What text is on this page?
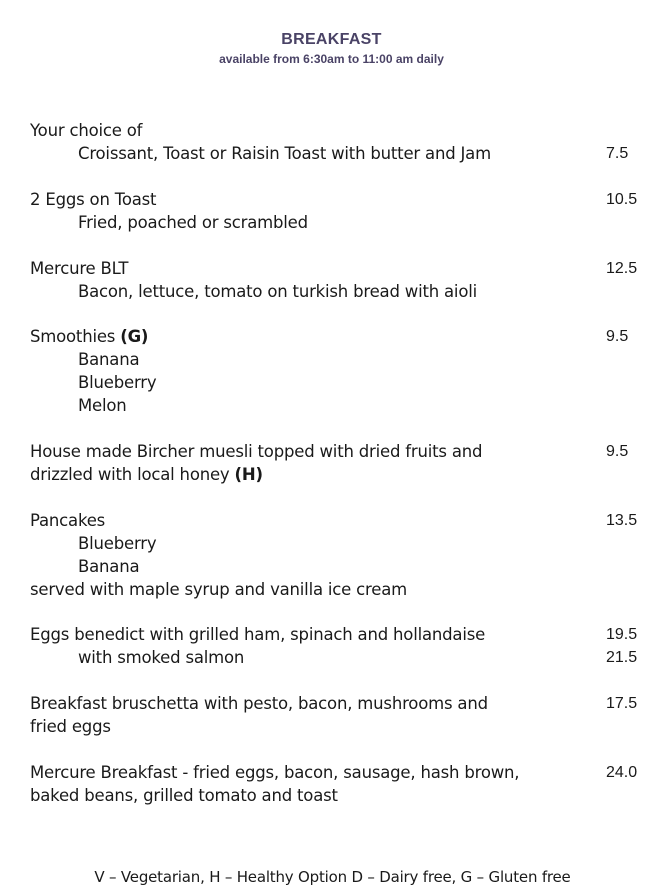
BREAKFAST
available from 6:30am to 11:00 am daily
Your choice of
Croissant, Toast or Raisin Toast with butter and Jam	7.5
2 Eggs on Toast
Fried, poached or scrambled
10.5
Mercure BLT
Bacon, lettuce, tomato on turkish bread with aioli
12.5
Smoothies (G)
Banana
Blueberry
Melon
9.5
House made Bircher muesli topped with dried fruits and
drizzled with local honey (H)
9.5
Pancakes
Blueberry
Banana
served with maple syrup and vanilla ice cream
13.5
Eggs benedict with grilled ham, spinach and hollandaise
with smoked salmon
19.5
21.5
Breakfast bruschetta with pesto, bacon, mushrooms and
fried eggs
17.5
Mercure Breakfast - fried eggs, bacon, sausage, hash brown,
baked beans, grilled tomato and toast
24.0
V – Vegetarian, H – Healthy Option D – Dairy free, G – Gluten free
